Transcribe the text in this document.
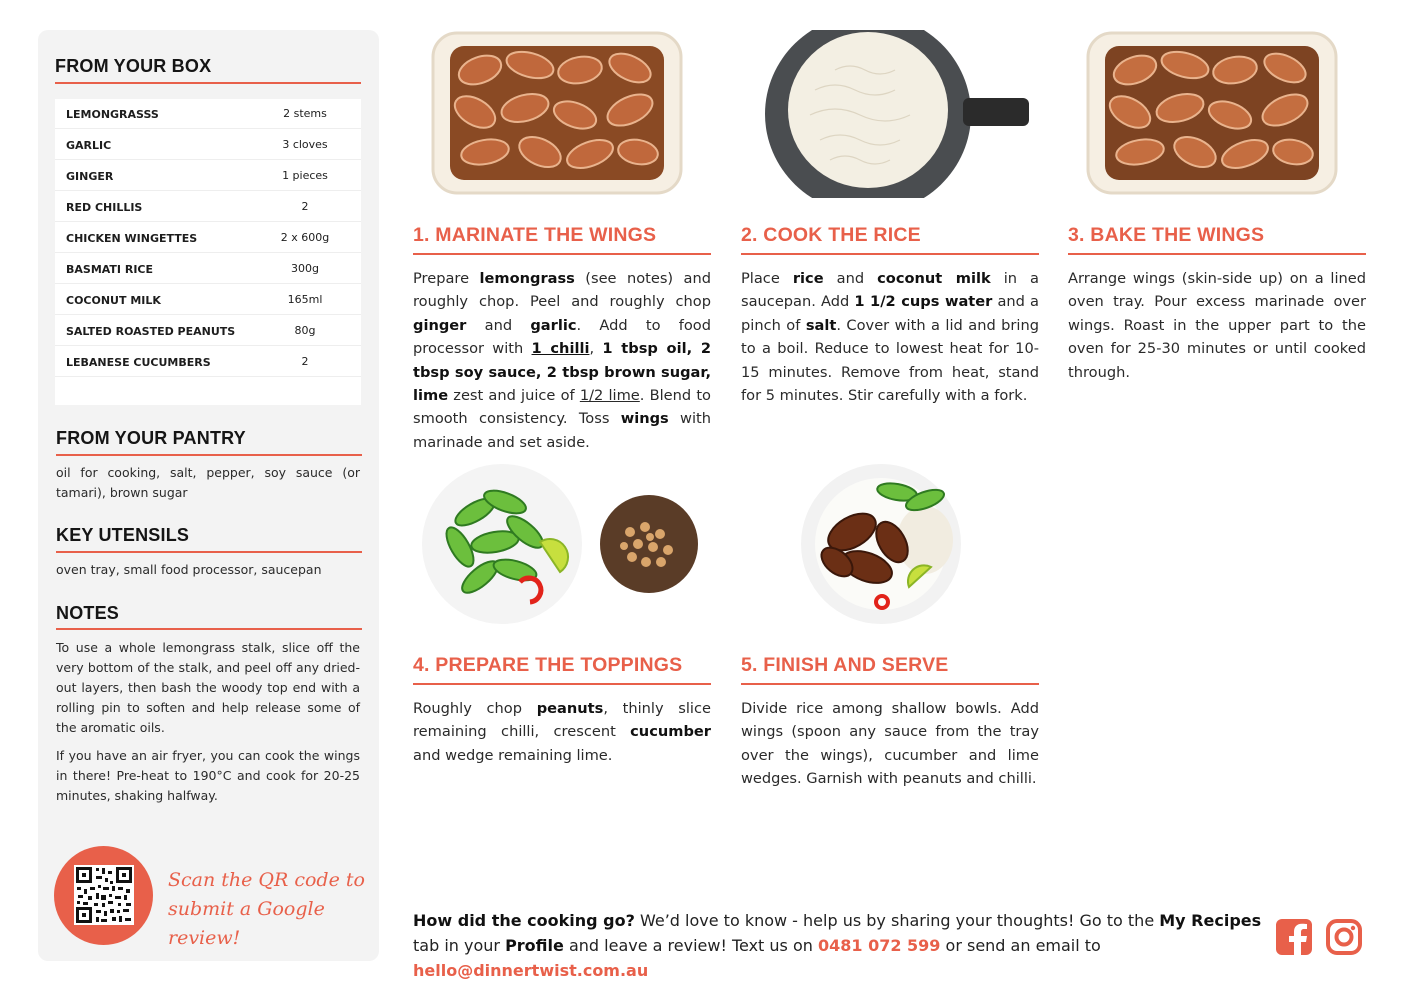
FROM YOUR BOX
LEMONGRASSS	2 stems
GARLIC	3 cloves
GINGER	1 pieces
RED CHILLIS	2
CHICKEN WINGETTES	2 x 600g
BASMATI RICE	300g
COCONUT MILK	165ml
SALTED ROASTED PEANUTS	80g
LEBANESE CUCUMBERS	2
FROM YOUR PANTRY
oil for cooking, salt, pepper, soy sauce (or tamari), brown sugar
KEY UTENSILS
oven tray, small food processor, saucepan
NOTES
To use a whole lemongrass stalk, slice off the very bottom of the stalk, and peel off any dried-out layers, then bash the woody top end with a rolling pin to soften and help release some of the aromatic oils.
If you have an air fryer, you can cook the wings in there! Pre-heat to 190°C and cook for 20-25 minutes, shaking halfway.
Scan the QR code to
submit a Google review!
1. MARINATE THE WINGS
Prepare lemongrass (see notes) and roughly chop. Peel and roughly chop ginger and garlic. Add to food processor with 1 chilli, 1 tbsp oil, 2 tbsp soy sauce, 2 tbsp brown sugar, lime zest and juice of 1/2 lime. Blend to smooth consistency. Toss wings with marinade and set aside.
2. COOK THE RICE
Place rice and coconut milk in a saucepan. Add 1 1/2 cups water and a pinch of salt. Cover with a lid and bring to a boil. Reduce to lowest heat for 10-15 minutes. Remove from heat, stand for 5 minutes. Stir carefully with a fork.
3. BAKE THE WINGS
Arrange wings (skin-side up) on a lined oven tray. Pour excess marinade over wings. Roast in the upper part to the oven for 25-30 minutes or until cooked through.
4. PREPARE THE TOPPINGS
Roughly chop peanuts, thinly slice remaining chilli, crescent cucumber and wedge remaining lime.
5. FINISH AND SERVE
Divide rice among shallow bowls. Add wings (spoon any sauce from the tray over the wings), cucumber and lime wedges. Garnish with peanuts and chilli.
How did the cooking go? We’d love to know - help us by sharing your thoughts! Go to the My Recipes tab in your Profile and leave a review! Text us on 0481 072 599 or send an email to hello@dinnertwist.com.au
